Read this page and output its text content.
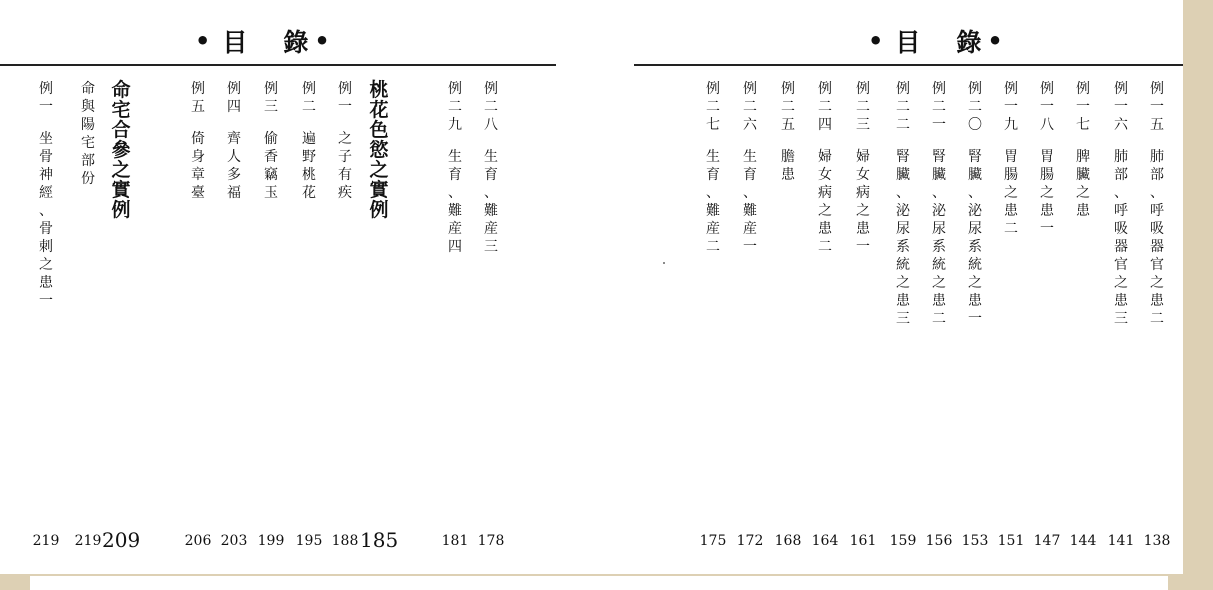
• 目 錄 •
例
二
八
生
育
、
難
産
三
178
例
二
九
生
育
、
難
産
四
181
桃
花
色
慾
之
實
例
185
例
一
之
子
有
疾
188
例
二
遍
野
桃
花
195
例
三
偷
香
竊
玉
199
例
四
齊
人
多
福
203
例
五
倚
身
章
臺
206
命
宅
合
參
之
實
例
209
命
與
陽
宅
部
份
219
例
一
坐
骨
神
經
、
骨
刺
之
患
一
219
• 目 錄 •
例
一
五
肺
部
、
呼
吸
器
官
之
患
二
138
例
一
六
肺
部
、
呼
吸
器
官
之
患
三
141
例
一
七
脾
臟
之
患
144
例
一
八
胃
腸
之
患
一
147
例
一
九
胃
腸
之
患
二
151
例
二
〇
腎
臟
、
泌
尿
系
統
之
患
一
153
例
二
一
腎
臟
、
泌
尿
系
統
之
患
二
156
例
二
二
腎
臟
、
泌
尿
系
統
之
患
三
159
例
二
三
婦
女
病
之
患
一
161
例
二
四
婦
女
病
之
患
二
164
例
二
五
膽
患
168
例
二
六
生
育
、
難
産
一
172
例
二
七
生
育
、
難
産
二
175
